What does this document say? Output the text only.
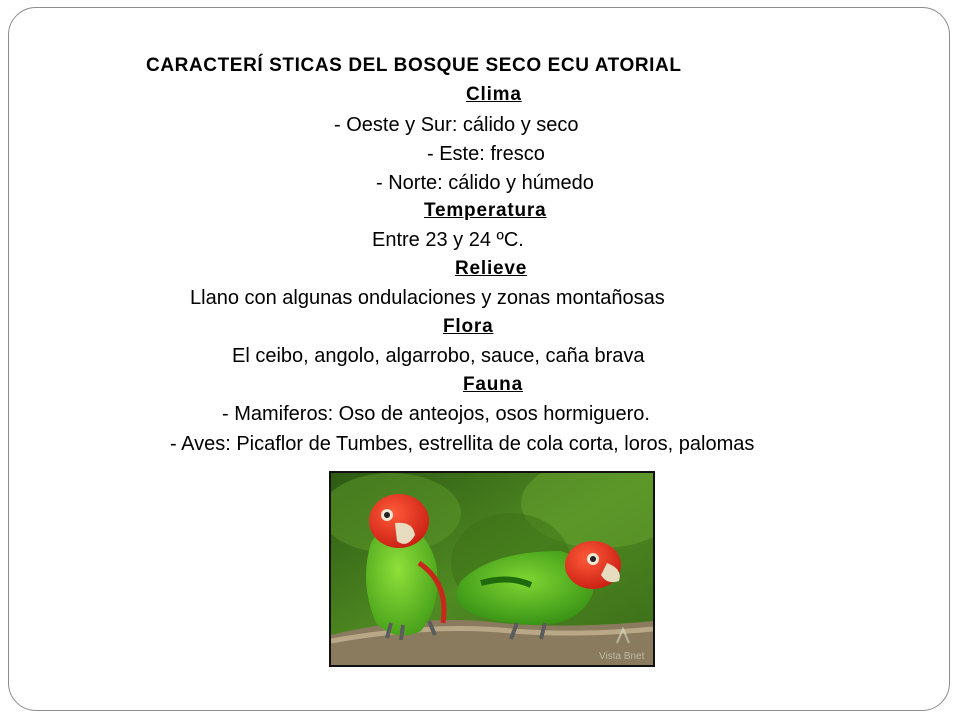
CARACTERÍ STICAS DEL BOSQUE SECO ECU ATORIAL
Clima
- Oeste y Sur: cálido y seco
- Este: fresco
- Norte: cálido y húmedo
Temperatura
Entre 23 y 24 ºC.
Relieve
Llano con algunas ondulaciones y zonas montañosas
Flora
El ceibo, angolo, algarrobo, sauce, caña brava
Fauna
- Mamiferos: Oso de anteojos, osos hormiguero.
- Aves: Picaflor de Tumbes, estrellita de cola corta, loros, palomas
Vista Bnet
